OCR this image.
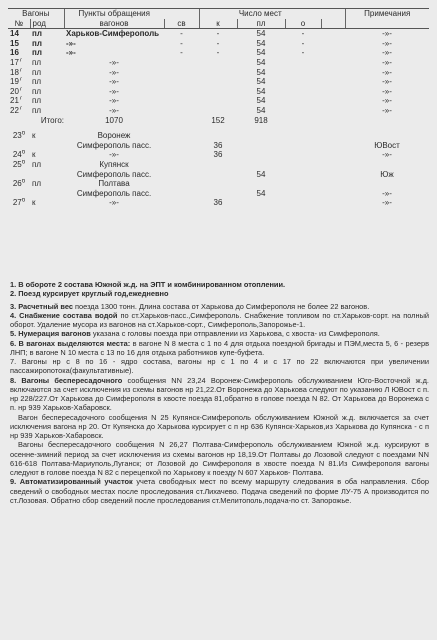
Вагоны		Пункты обращения		Число мест				Примечания
№	род	вагонов	св	к	пл	о		
14	пл	Харьков-Симферополь	-	-	54	-		-»-
15	пл	-»-	-	-	54	-		-»-
16	пл	-»-	-	-	54	-		-»-
$17^7$	пл	-»-			54			-»-
$18^7$	пл	-»-			54			-»-
$19^7$	пл	-»-			54			-»-
$20^7$	пл	-»-			54			-»-
$21^7$	пл	-»-			54			-»-
$22^7$	пл	-»-			54			-»-
	Итого:	1070		152	918			

$23^б$	к	Воронеж						
		Симферополь пасс.		36				ЮВост
$24^б$	к	-»-		36				-»-
$25^б$	пл	Купянск						
		Симферополь пасс.			54			Юж
$26^б$	пл	Полтава						
		Симферополь пасс.			54			-»-
$27^б$	к	-»-		36				-»-

1. В обороте 2 состава Южной ж.д. на ЭПТ и комбинированном отоплении.

2. Поезд курсирует круглый год,ежедневно

3. Расчетный вес поезда 1300 тонн. Длина состава от Харькова до Симферополя не более 22 вагонов.

4. Снабжение состава водой по ст.Харьков-пасс.,Симферополь. Снабжение топливом по ст.Харьков-сорт. на полный оборот. Удаление мусора из вагонов на ст.Харьков-сорт., Симферополь,Запорожье-1.

5. Нумерация вагонов указана с головы поезда при отправлении из Харькова, с хвоста- из Симферополя.

6. В вагонах выделяются места: в вагоне N 8 места с 1 по 4 для отдыха поездной бригады и ПЭМ,места 5, 6 - резерв ЛНП; в вагоне N 10 места с 13 по 16 для отдыха работников купе-буфета.

7. Вагоны нр с 8 по 16 - ядро состава, вагоны нр с 1 по 4 и с 17 по 22 включаются при увеличении пассажиропотока(факультативные).

8. Вагоны беспересадочного сообщения NN 23,24 Воронеж-Симферополь обслуживанием Юго-Восточной ж.д. включаются за счет исключения из схемы вагонов нр 21,22.От Воронежа до Харькова следуют по указанию Л ЮВост с п. нр 228/227.От Харькова до Симферополя в хвосте поезда 81,обратно в голове поезда N 82. От Харькова до Воронежа с п. нр 939 Харьков-Хабаровск.

Вагон беспересадочного сообщения N 25 Купянск-Симферополь обслуживанием Южной ж.д. включается за счет исключения вагона нр 20. От Купянска до Харькова курсирует с п нр 636 Купянск-Харьков,из Харькова до Купянска - с п нр 939 Харьков-Хабаровск.

Вагоны беспересадочного сообщения N 26,27 Полтава-Симферополь обслуживанием Южной ж.д. курсируют в осенне-зимний период за счет исключения из схемы вагонов нр 18,19.От Полтавы до Лозовой следуют с поездами NN 616-618 Полтава-Мариуполь,Луганск; от Лозовой до Симферополя в хвосте поезда N 81.Из Симферополя вагоны следуют в голове поезда N 82 с перецепкой по Харькову к поезду N 607 Харьков- Полтава.

9. Автоматизированный участок учета свободных мест по всему маршруту следования в оба направления. Сбор сведений о свободных местах после проследования ст.Лихачево. Подача сведений по форме ЛУ-75 А производится по ст.Лозовая. Обратно сбор сведений после проследования ст.Мелитополь,подача-по ст. Запорожье.
